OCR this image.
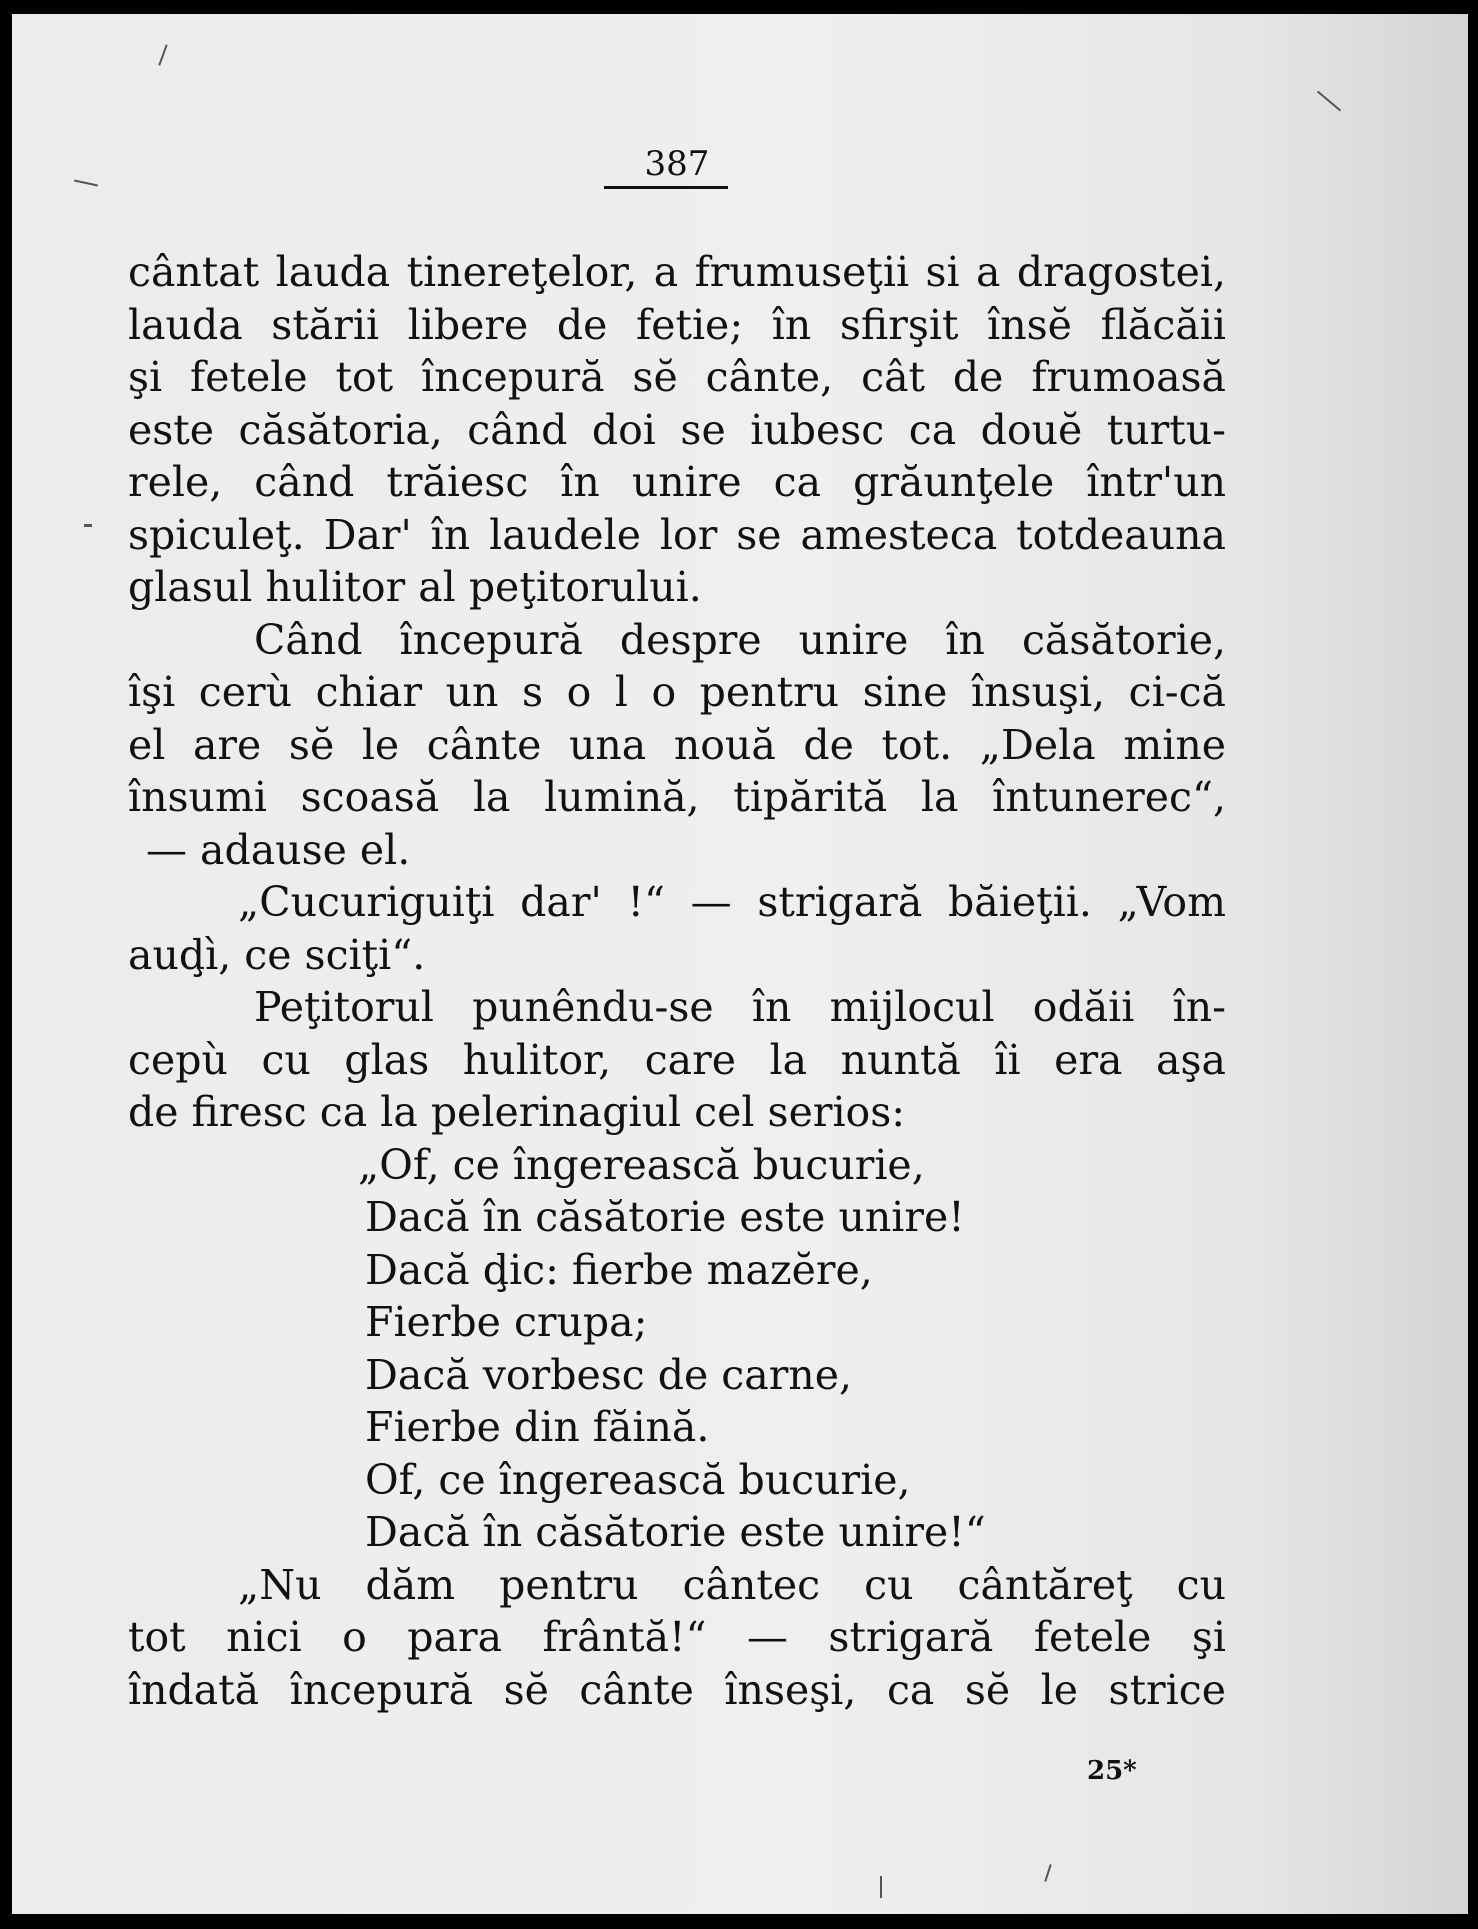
387
cântat lauda tinereţelor, a frumuseţii si a dragostei,
lauda stării libere de fetie; în sfirşit însĕ flăcăii
şi fetele tot începură sĕ cânte, cât de frumoasă
este căsătoria, când doi se iubesc ca douĕ turtu-
rele, când trăiesc în unire ca grăunţele într'un
spiculeţ. Dar' în laudele lor se amesteca totdeauna
glasul hulitor al peţitorului.
Când începură despre unire în căsătorie,
îşi cerù chiar un s o l o pentru sine însuşi, ci-că
el are sĕ le cânte una nouă de tot. „Dela mine
însumi scoasă la lumină, tipărită la întunerec“,
— adause el.
„Cucuriguiţi dar' !“ — strigară băieţii. „Vom
auḑì, ce sciţi“.
Peţitorul punêndu-se în mijlocul odăii în-
cepù cu glas hulitor, care la nuntă îi era aşa
de firesc ca la pelerinagiul cel serios:
„Of, ce îngerească bucurie,
Dacă în căsătorie este unire!
Dacă ḑic: fierbe mazĕre,
Fierbe crupa;
Dacă vorbesc de carne,
Fierbe din făină.
Of, ce îngerească bucurie,
Dacă în căsătorie este unire!“
„Nu dăm pentru cântec cu cântăreţ cu
tot nici o para frântă!“ — strigară fetele şi
îndată începură sĕ cânte înseşi, ca sĕ le strice
25*
